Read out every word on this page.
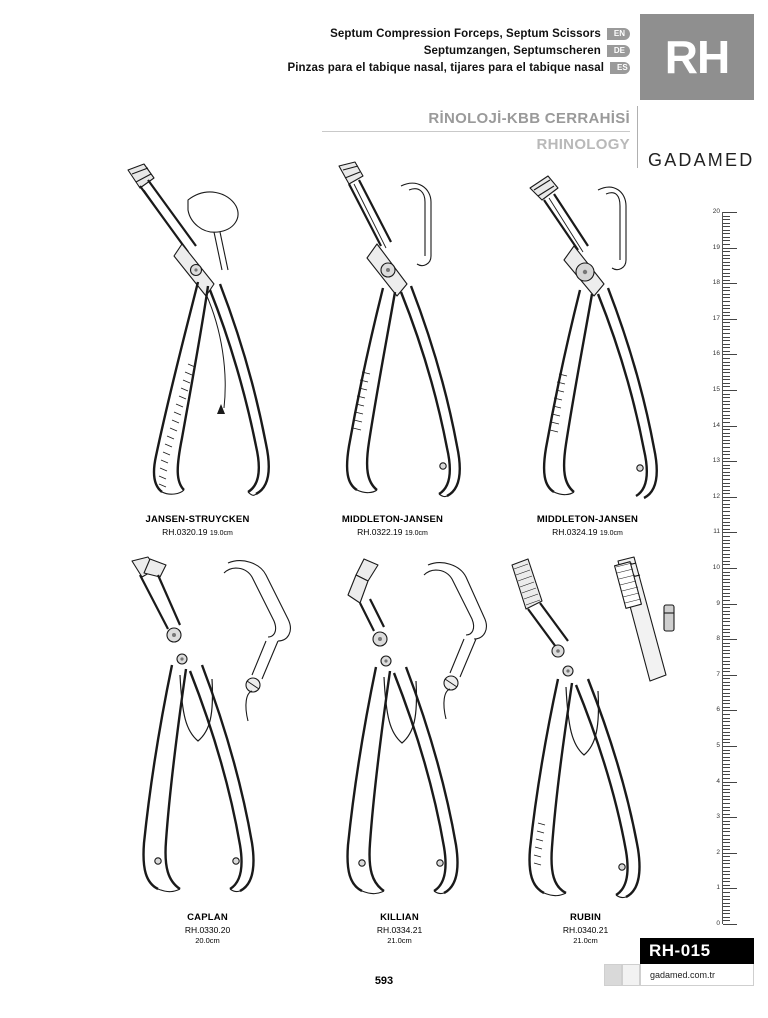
Septum Compression Forceps, Septum Scissors	EN
Septumzangen, Septumscheren	DE
Pinzas para el tabique nasal, tijares para el tabique nasal	ES RH
RİNOLOJİ-KBB CERRAHİSİ
RHINOLOGY
GADAMED
20
19
18
17
16
15
14
13
12
11
10
9
8
7
6
5
4
3
2
1
0
JANSEN-STRUYCKEN
RH.0320.19 19.0cm
MIDDLETON-JANSEN
RH.0322.19 19.0cm
MIDDLETON-JANSEN
RH.0324.19 19.0cm
CAPLAN
RH.0330.20
20.0cm
KILLIAN
RH.0334.21
21.0cm
RUBIN
RH.0340.21
21.0cm
593
RH-015
gadamed.com.tr
